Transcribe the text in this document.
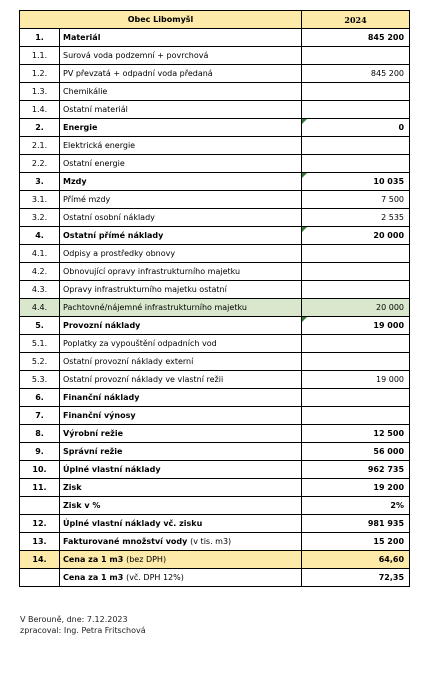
Obec Libomyšl		2024
1.	Materiál	845 200
1.1.	Surová voda podzemní + povrchová	
1.2.	PV převzatá + odpadní voda předaná	845 200
1.3.	Chemikálie	
1.4.	Ostatní materiál	
2.	Energie	0
2.1.	Elektrická energie	
2.2.	Ostatní energie	
3.	Mzdy	10 035
3.1.	Přímé mzdy	7 500
3.2.	Ostatní osobní náklady	2 535
4.	Ostatní přímé náklady	20 000
4.1.	Odpisy a prostředky obnovy	
4.2.	Obnovující opravy infrastrukturního majetku	
4.3.	Opravy infrastrukturního majetku ostatní	
4.4.	Pachtovné/nájemné infrastrukturního majetku	20 000
5.	Provozní náklady	19 000
5.1.	Poplatky za vypouštění odpadních vod	
5.2.	Ostatní provozní náklady externí	
5.3.	Ostatní provozní náklady ve vlastní režii	19 000
6.	Finanční náklady	
7.	Finanční výnosy	
8.	Výrobní režie	12 500
9.	Správní režie	56 000
10.	Úplné vlastní náklady	962 735
11.	Zisk	19 200
	Zisk v %	2%
12.	Úplné vlastní náklady vč. zisku	981 935
13.	Fakturované množství vody (v tis. m3)	15 200
14.	Cena za 1 m3 (bez DPH)	64,60
	Cena za 1 m3 (vč. DPH 12%)	72,35
V Berouně, dne: 7.12.2023
zpracoval: Ing. Petra Fritschová
